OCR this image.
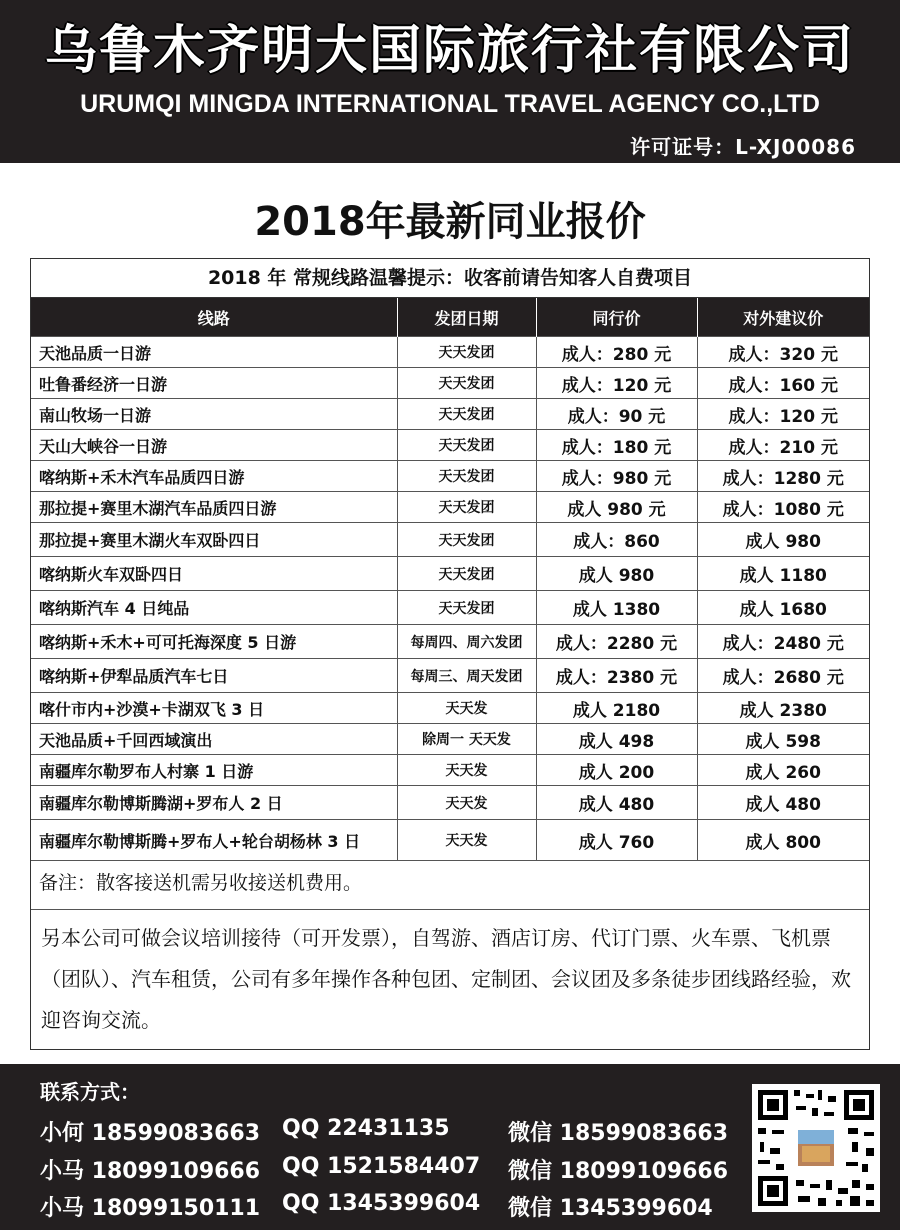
乌鲁木齐明大国际旅行社有限公司
URUMQI MINGDA INTERNATIONAL TRAVEL AGENCY CO.,LTD
许可证号：L-XJ00086
2018年最新同业报价
2018 年 常规线路温馨提示：收客前请告知客人自费项目
线路	发团日期	同行价	对外建议价
天池品质一日游	天天发团	成人：280 元	成人：320 元
吐鲁番经济一日游	天天发团	成人：120 元	成人：160 元
南山牧场一日游	天天发团	成人：90 元	成人：120 元
天山大峡谷一日游	天天发团	成人：180 元	成人：210 元
喀纳斯+禾木汽车品质四日游	天天发团	成人：980 元	成人：1280 元
那拉提+赛里木湖汽车品质四日游	天天发团	成人 980 元	成人：1080 元
那拉提+赛里木湖火车双卧四日	天天发团	成人：860	成人 980
喀纳斯火车双卧四日	天天发团	成人 980	成人 1180
喀纳斯汽车 4 日纯品	天天发团	成人 1380	成人 1680
喀纳斯+禾木+可可托海深度 5 日游	每周四、周六发团	成人：2280 元	成人：2480 元
喀纳斯+伊犁品质汽车七日	每周三、周天发团	成人：2380 元	成人：2680 元
喀什市内+沙漠+卡湖双飞 3 日	天天发	成人 2180	成人 2380
天池品质+千回西域演出	除周一 天天发	成人 498	成人 598
南疆库尔勒罗布人村寨 1 日游	天天发	成人 200	成人 260
南疆库尔勒博斯腾湖+罗布人 2 日	天天发	成人 480	成人 480
南疆库尔勒博斯腾+罗布人+轮台胡杨林 3 日	天天发	成人 760	成人 800
备注：散客接送机需另收接送机费用。
另本公司可做会议培训接待（可开发票），自驾游、酒店订房、代订门票、火车票、飞机票（团队）、汽车租赁，公司有多年操作各种包团、定制团、会议团及多条徒步团线路经验，欢迎咨询交流。
联系方式：
小何 18599083663 QQ 22431135	微信 18599083663
小马 18099109666 QQ 1521584407 微信 18099109666
小马 18099150111 QQ 1345399604 微信 1345399604
